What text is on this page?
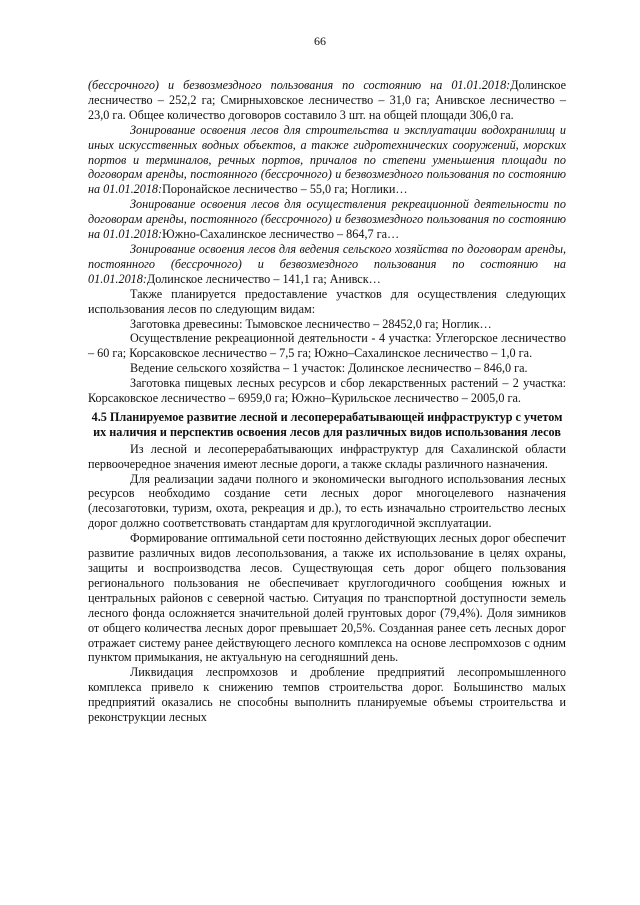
66

(бессрочного) и безвозмездного пользования по состоянию на 01.01.2018:Долинское лесничество – 252,2 га; Смирныховское лесничество – 31,0 га; Анивское лесничество – 23,0 га. Общее количество договоров составило 3 шт. на общей площади 306,0 га.

Зонирование освоения лесов для строительства и эксплуатации водохранилищ и иных искусственных водных объектов, а также гидротехнических сооружений, морских портов и терминалов, речных портов, причалов по степени уменьшения площади по договорам аренды, постоянного (бессрочного) и безвозмездного пользования по состоянию на 01.01.2018:Поронайское лесничество – 55,0 га; Ноглики…

Зонирование освоения лесов для осуществления рекреационной деятельности по договорам аренды, постоянного (бессрочного) и безвозмездного пользования по состоянию на 01.01.2018:Южно-Сахалинское лесничество – 864,7 га…

Зонирование освоения лесов для ведения сельского хозяйства по договорам аренды, постоянного (бессрочного) и безвозмездного пользования по состоянию на 01.01.2018:Долинское лесничество – 141,1 га; Анивск…

Также планируется предоставление участков для осуществления следующих использования лесов по следующим видам:

Заготовка древесины: Тымовское лесничество – 28452,0 га; Ноглик…

Осуществление рекреационной деятельности - 4 участка: Углегорское лесничество – 60 га; Корсаковское лесничество – 7,5 га; Южно–Сахалинское лесничество – 1,0 га.

Ведение сельского хозяйства – 1 участок: Долинское лесничество – 846,0 га.

Заготовка пищевых лесных ресурсов и сбор лекарственных растений – 2 участка: Корсаковское лесничество – 6959,0 га; Южно–Курильское лесничество – 2005,0 га.

4.5 Планируемое развитие лесной и лесоперерабатывающей инфраструктур с учетом их наличия и перспектив освоения лесов для различных видов использования лесов

Из лесной и лесоперерабатывающих инфраструктур для Сахалинской области первоочередное значения имеют лесные дороги, а также склады различного назначения.

Для реализации задачи полного и экономически выгодного использования лесных ресурсов необходимо создание сети лесных дорог многоцелевого назначения (лесозаготовки, туризм, охота, рекреация и др.), то есть изначально строительство лесных дорог должно соответствовать стандартам для круглогодичной эксплуатации.

Формирование оптимальной сети постоянно действующих лесных дорог обеспечит развитие различных видов лесопользования, а также их использование в целях охраны, защиты и воспроизводства лесов. Существующая сеть дорог общего пользования регионального пользования не обеспечивает круглогодичного сообщения южных и центральных районов с северной частью. Ситуация по транспортной доступности земель лесного фонда осложняется значительной долей грунтовых дорог (79,4%). Доля зимников от общего количества лесных дорог превышает 20,5%. Созданная ранее сеть лесных дорог отражает систему ранее действующего лесного комплекса на основе леспромхозов с одним пунктом примыкания, не актуальную на сегодняшний день.

Ликвидация леспромхозов и дробление предприятий лесопромышленного комплекса привело к снижению темпов строительства дорог. Большинство малых предприятий оказались не способны выполнить планируемые объемы строительства и реконструкции лесных
